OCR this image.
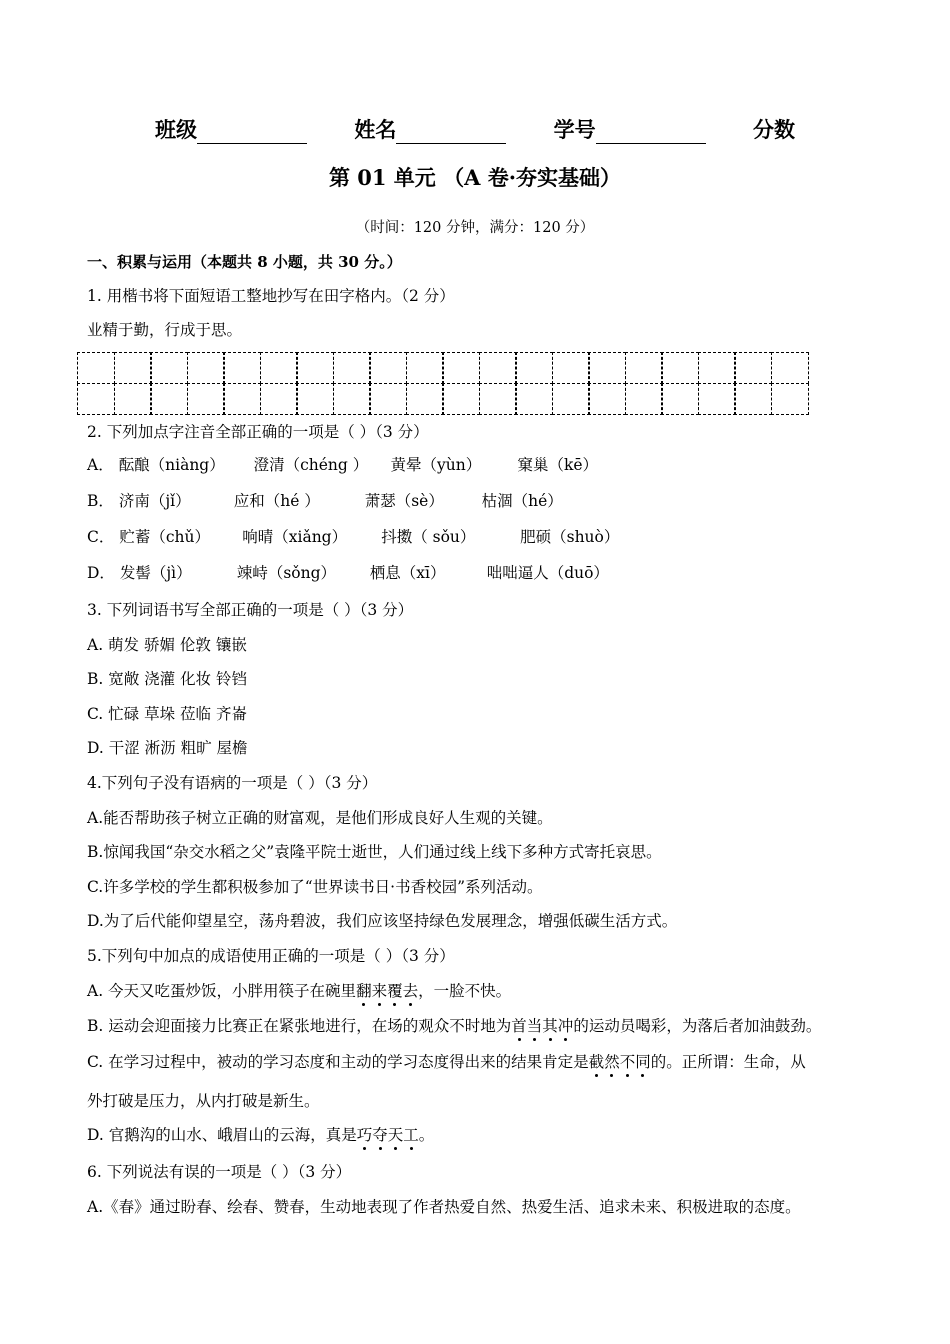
班级	姓名	学号	分数
第 01 单元 （A 卷·夯实基础）
（时间：120 分钟，满分：120 分）
一、积累与运用（本题共 8 小题，共 30 分。）
1. 用楷书将下面短语工整地抄写在田字格内。（2 分）
业精于勤，行成于思。
2. 下列加点字注音全部正确的一项是（ ）（3 分）
A． 酝酿（niàng） 澄清（chéng ） 黄晕（yùn） 窠巢（kē）
B． 济南（jǐ）	应和（hé ）	萧瑟（sè） 枯涸（hé）
C． 贮蓄（chǔ） 响晴（xiǎng） 抖擞（ sǒu）	肥硕（shuò）
D． 发髻（jì）	竦峙（sǒng） 栖息（xī）	咄咄逼人（duō）
3. 下列词语书写全部正确的一项是（ ）（3 分）
A. 萌发 骄媚 伦敦 镶嵌
B. 宽敞 浇灌 化妆 铃铛
C. 忙碌 草垛 莅临 齐崙
D. 干涩 淅沥 粗旷 屋檐
4.下列句子没有语病的一项是（ ）（3 分）
A.能否帮助孩子树立正确的财富观，是他们形成良好人生观的关键。
B.惊闻我国“杂交水稻之父”袁隆平院士逝世，人们通过线上线下多种方式寄托哀思。
C.许多学校的学生都积极参加了“世界读书日·书香校园”系列活动。
D.为了后代能仰望星空，荡舟碧波，我们应该坚持绿色发展理念，增强低碳生活方式。
5.下列句中加点的成语使用正确的一项是（ ）（3 分）
A. 今天又吃蛋炒饭，小胖用筷子在碗里翻来覆去，一脸不快。
B. 运动会迎面接力比赛正在紧张地进行，在场的观众不时地为首当其冲的运动员喝彩，为落后者加油鼓劲。
C. 在学习过程中，被动的学习态度和主动的学习态度得出来的结果肯定是截然不同的。正所谓：生命，从
外打破是压力，从内打破是新生。
D. 官鹅沟的山水、峨眉山的云海，真是巧夺天工。
6. 下列说法有误的一项是（ ）（3 分）
A.《春》通过盼春、绘春、赞春，生动地表现了作者热爱自然、热爱生活、追求未来、积极进取的态度。
